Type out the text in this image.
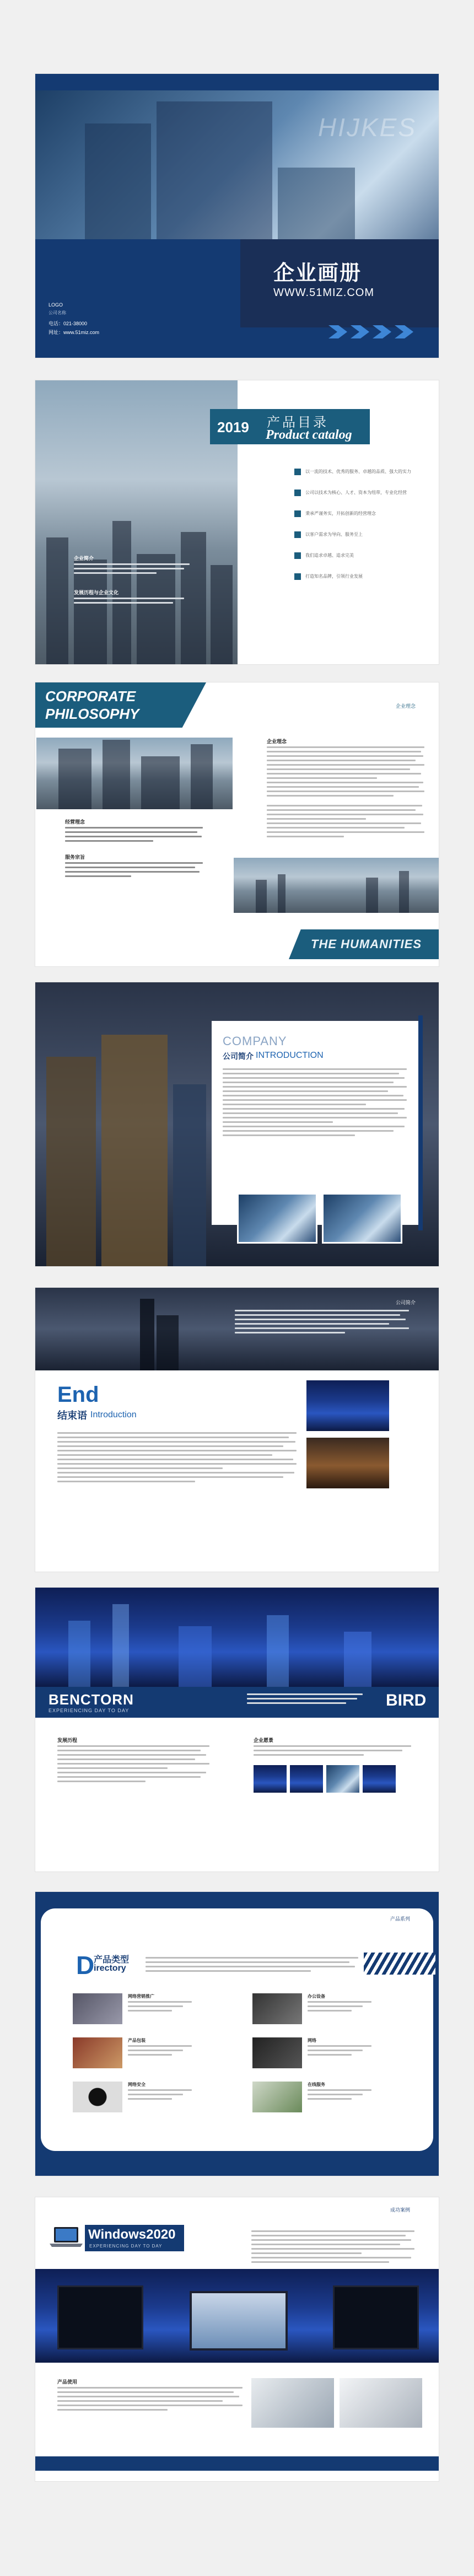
HIJKES
企业画册
WWW.51MIZ.COM
LOGO
公司名称
电话：021-38000
网址：www.51miz.com
企业简介
发展历程与企业文化
2019 产品目录
Product catalog
以一流的技术、优秀的服务、卓越的品质、强大的实力
公司以技术为核心、人才、资本为纽带，专业化经营
秉承严谨务实，开拓创新的经营理念
以客户需求为导向、服务至上
我们追求卓越、追求完美
打造知名品牌，引领行业发展
CORPORATE
PHILOSOPHY	企业理念
企业理念
经营理念
服务宗旨
THE HUMANITIES
COMPANY
公司简介 INTRODUCTION
公司简介
End
结束语 Introduction
BENCTORN
EXPERIENCING DAY TO DAY
BIRD
发展历程	企业愿景
产品系列
D
产品类型
irectory
网络营销推广	办公设备
产品包装	网络
网络安全	在线服务
成功案例
Windows2020
EXPERIENCING DAY TO DAY
产品使用
